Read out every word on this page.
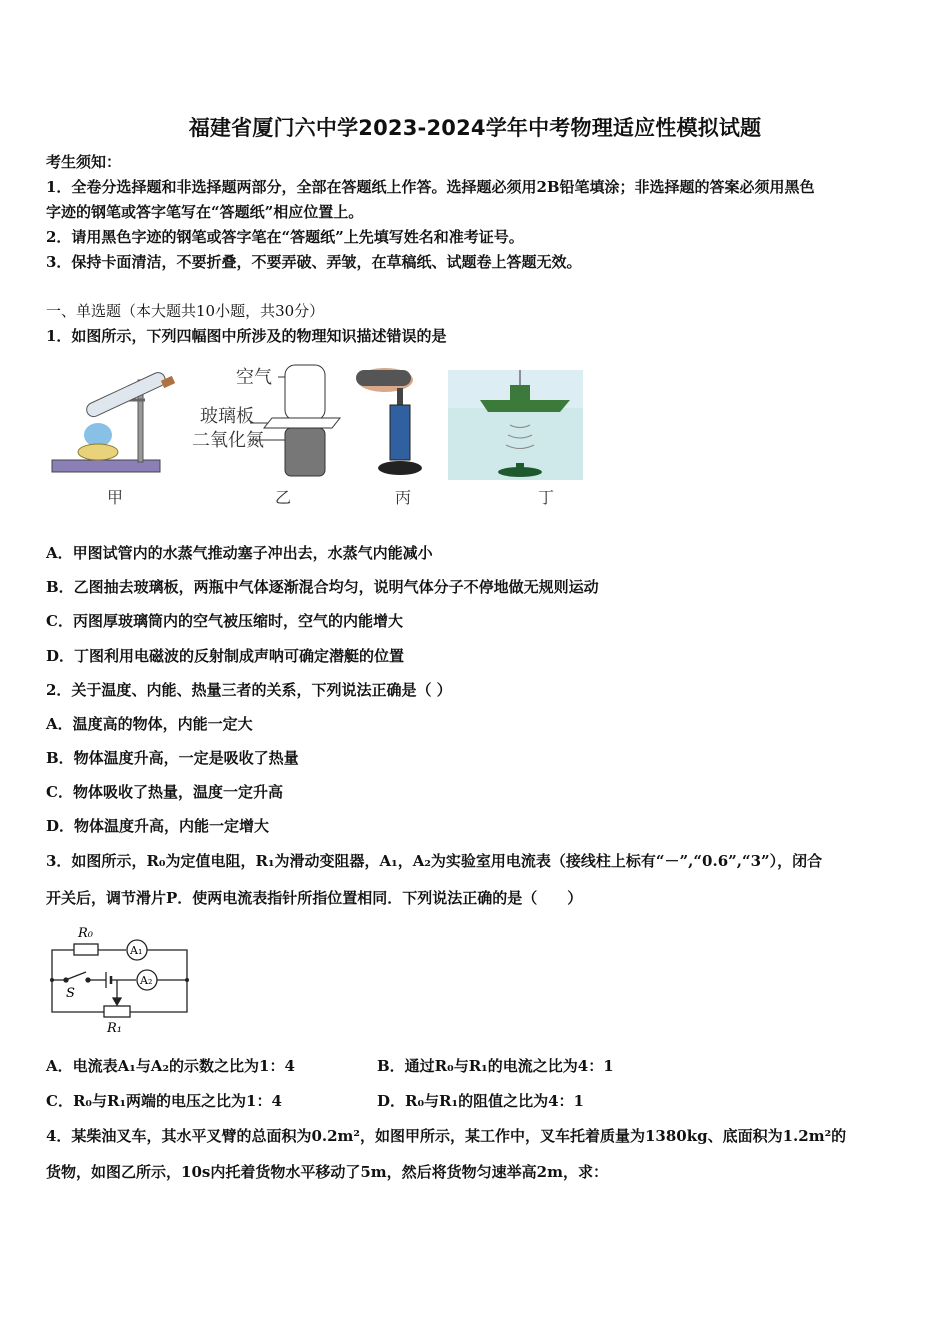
福建省厦门六中学2023-2024学年中考物理适应性模拟试题
考生须知：
1．全卷分选择题和非选择题两部分，全部在答题纸上作答。选择题必须用2B铅笔填涂；非选择题的答案必须用黑色
字迹的钢笔或答字笔写在“答题纸”相应位置上。
2．请用黑色字迹的钢笔或答字笔在“答题纸”上先填写姓名和准考证号。
3．保持卡面清洁，不要折叠，不要弄破、弄皱，在草稿纸、试题卷上答题无效。
一、单选题（本大题共10小题，共30分）
1．如图所示，下列四幅图中所涉及的物理知识描述错误的是
空气
玻璃板
二氧化氮
甲	乙	丙	丁
A．甲图试管内的水蒸气推动塞子冲出去，水蒸气内能减小
B．乙图抽去玻璃板，两瓶中气体逐渐混合均匀，说明气体分子不停地做无规则运动
C．丙图厚玻璃筒内的空气被压缩时，空气的内能增大
D．丁图利用电磁波的反射制成声呐可确定潜艇的位置
2．关于温度、内能、热量三者的关系，下列说法正确是（ ）
A．温度高的物体，内能一定大
B．物体温度升高，一定是吸收了热量
C．物体吸收了热量，温度一定升高
D．物体温度升高，内能一定增大
3．如图所示，R₀为定值电阻，R₁为滑动变阻器，A₁，A₂为实验室用电流表（接线柱上标有“－”,“0.6”,“3”），闭合
开关后，调节滑片P．使两电流表指针所指位置相同．下列说法正确的是（　　）
R₀
A₁
A₂
S
R₁
A．电流表A₁与A₂的示数之比为1：4	B．通过R₀与R₁的电流之比为4：1
C．R₀与R₁两端的电压之比为1：4	D．R₀与R₁的阻值之比为4：1
4．某柴油叉车，其水平叉臂的总面积为0.2m²，如图甲所示，某工作中，叉车托着质量为1380kg、底面积为1.2m²的
货物，如图乙所示，10s内托着货物水平移动了5m，然后将货物匀速举高2m，求：
